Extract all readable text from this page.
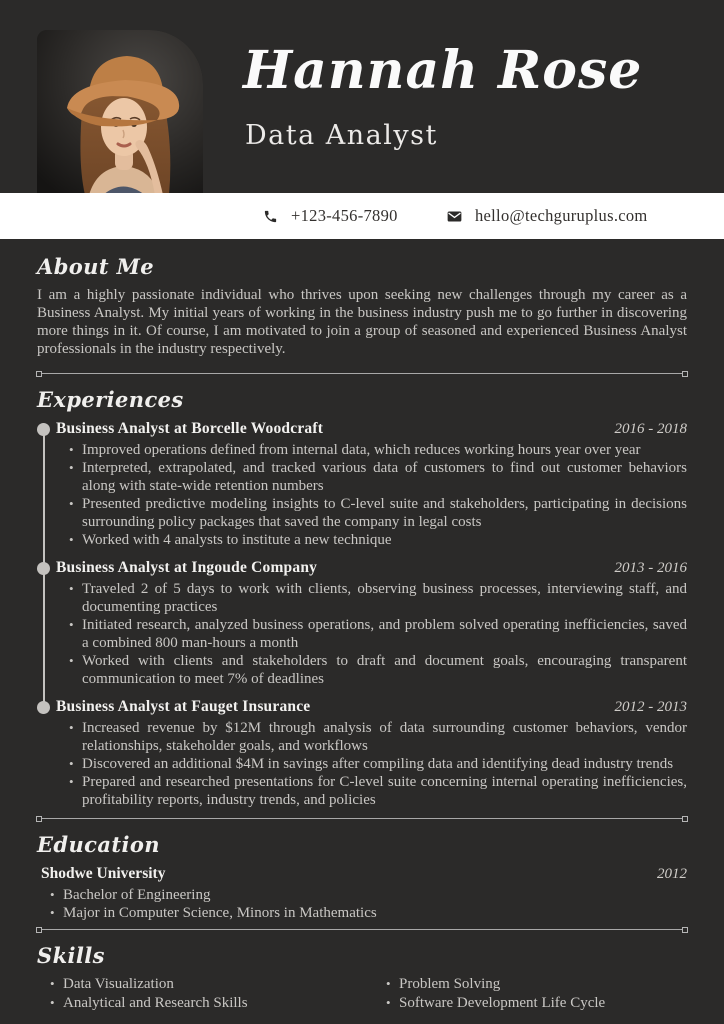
Hannah Rose
Data Analyst
+123-456-7890	hello@techguruplus.com
About Me

I am a highly passionate individual who thrives upon seeking new challenges through my career as a Business Analyst. My initial years of working in the business industry push me to go further in discovering more things in it. Of course, I am motivated to join a group of seasoned and experienced Business Analyst professionals in the industry respectively.

Experiences
Business Analyst at Borcelle Woodcraft	2016 - 2018
• Improved operations defined from internal data, which reduces working hours year over year
• Interpreted, extrapolated, and tracked various data of customers to find out customer behaviors along with state-wide retention numbers
• Presented predictive modeling insights to C-level suite and stakeholders, participating in decisions surrounding policy packages that saved the company in legal costs
• Worked with 4 analysts to institute a new technique
Business Analyst at Ingoude Company	2013 - 2016
• Traveled 2 of 5 days to work with clients, observing business processes, interviewing staff, and documenting practices
• Initiated research, analyzed business operations, and problem solved operating inefficiencies, saved a combined 800 man-hours a month
• Worked with clients and stakeholders to draft and document goals, encouraging transparent communication to meet 7% of deadlines
Business Analyst at Fauget Insurance	2012 - 2013
• Increased revenue by $12M through analysis of data surrounding customer behaviors, vendor relationships, stakeholder goals, and workflows
• Discovered an additional $4M in savings after compiling data and identifying dead industry trends
• Prepared and researched presentations for C-level suite concerning internal operating inefficiencies, profitability reports, industry trends, and policies
Education
Shodwe University	2012
• Bachelor of Engineering
• Major in Computer Science, Minors in Mathematics
Skills
• Data Visualization
• Analytical and Research Skills
• Problem Solving
• Software Development Life Cycle
